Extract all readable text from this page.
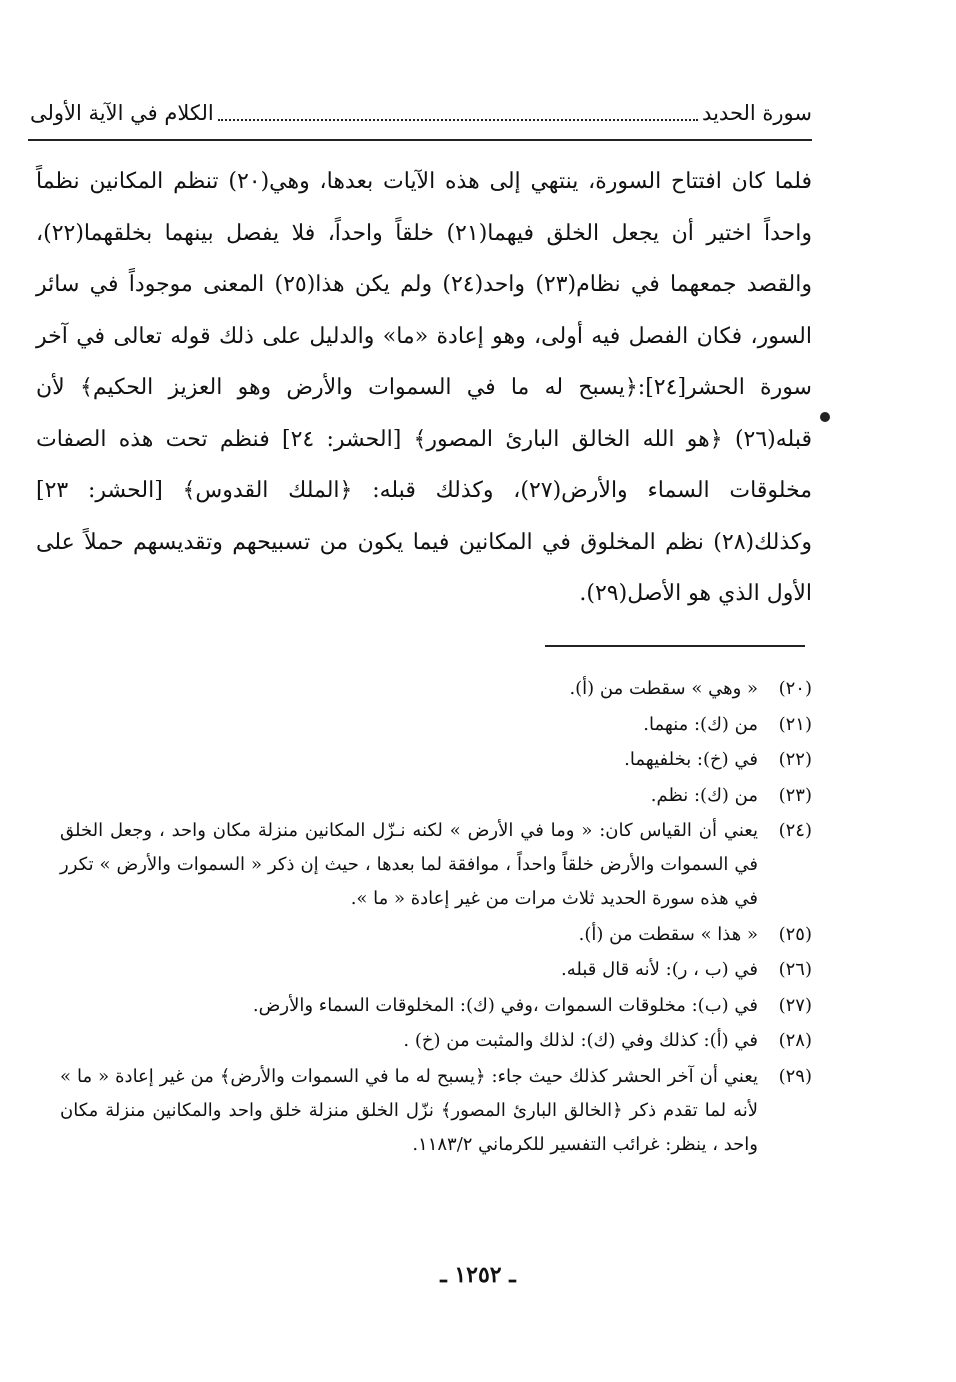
سورة الحديد
الكلام في الآية الأولى

فلما كان افتتاح السورة، ينتهي إلى هذه الآيات بعدها، وهي(٢٠) تنظم المكانين نظماً واحداً اختير أن يجعل الخلق فيهما(٢١) خلقاً واحداً، فلا يفصل بينهما بخلقهما(٢٢)، والقصد جمعهما في نظام(٢٣) واحد(٢٤) ولم يكن هذا(٢٥) المعنى موجوداً في سائر السور، فكان الفصل فيه أولى، وهو إعادة «ما» والدليل على ذلك قوله تعالى في آخر سورة الحشر[٢٤]:﴿يسبح له ما في السموات والأرض وهو العزيز الحكيم﴾ لأن قبله(٢٦) ﴿هو الله الخالق البارئ المصور﴾ [الحشر: ٢٤] فنظم تحت هذه الصفات مخلوقات السماء والأرض(٢٧)، وكذلك قبله: ﴿الملك القدوس﴾ [الحشر: ٢٣] وكذلك(٢٨) نظم المخلوق في المكانين فيما يكون من تسبيحهم وتقديسهم حملاً على الأول الذي هو الأصل(٢٩).

(٢٠)
« وهي » سقطت من (أ).
(٢١)
من (ك): منهما.
(٢٢)
في (خ): بخلفيهما.
(٢٣)
من (ك): نظم.
(٢٤)
يعني أن القياس كان: « وما في الأرض » لكنه نـزّل المكانين منزلة مكان واحد ، وجعل الخلق في السموات والأرض خلقاً واحداً ، موافقة لما بعدها ، حيث إن ذكر « السموات والأرض » تكرر في هذه سورة الحديد ثلاث مرات من غير إعادة « ما ».
(٢٥)
« هذا » سقطت من (أ).
(٢٦)
في (ب ، ر): لأنه قال قبله.
(٢٧)
في (ب): مخلوقات السموات ،وفي (ك): المخلوقات السماء والأرض.
(٢٨)
في (أ): كذلك وفي (ك): لذلك والمثبت من (خ) .
(٢٩)
يعني أن آخر الحشر كذلك حيث جاء: ﴿يسبح له ما في السموات والأرض﴾ من غير إعادة « ما » لأنه لما تقدم ذكر ﴿الخالق البارئ المصور﴾ نزّل الخلق منزلة خلق واحد والمكانين منزلة مكان واحد ، ينظر: غرائب التفسير للكرماني ١١٨٣/٢.
ـ ١٢٥٢ ـ
